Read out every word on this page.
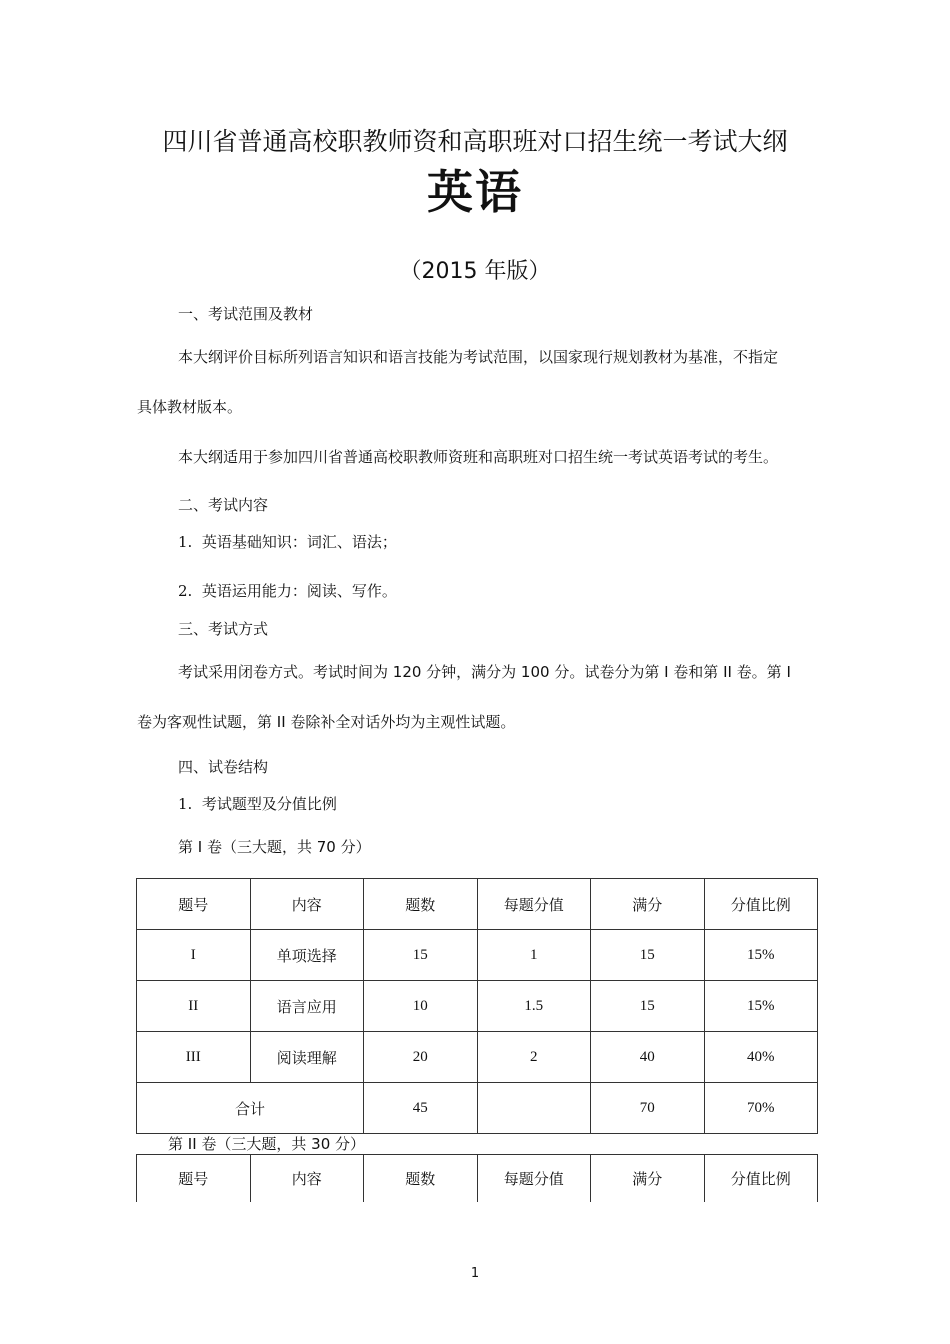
四川省普通高校职教师资和高职班对口招生统一考试大纲
英语
（2015 年版）
一、考试范围及教材
本大纲评价目标所列语言知识和语言技能为考试范围，以国家现行规划教材为基准，不指定
具体教材版本。
本大纲适用于参加四川省普通高校职教师资班和高职班对口招生统一考试英语考试的考生。
二、考试内容
1. 英语基础知识：词汇、语法；
2. 英语运用能力：阅读、写作。
三、考试方式
考试采用闭卷方式。考试时间为 120 分钟，满分为 100 分。试卷分为第 I 卷和第 II 卷。第 I
卷为客观性试题，第 II 卷除补全对话外均为主观性试题。
四、试卷结构
1. 考试题型及分值比例
第 I 卷（三大题，共 70 分）
题号	内容	题数	每题分值	满分	分值比例
I	单项选择	15	1	15	15%
II	语言应用	10	1.5	15	15%
III	阅读理解	20	2	40	40%
合计		45		70	70%
第 II 卷（三大题，共 30 分）
题号	内容	题数	每题分值	满分	分值比例
1
